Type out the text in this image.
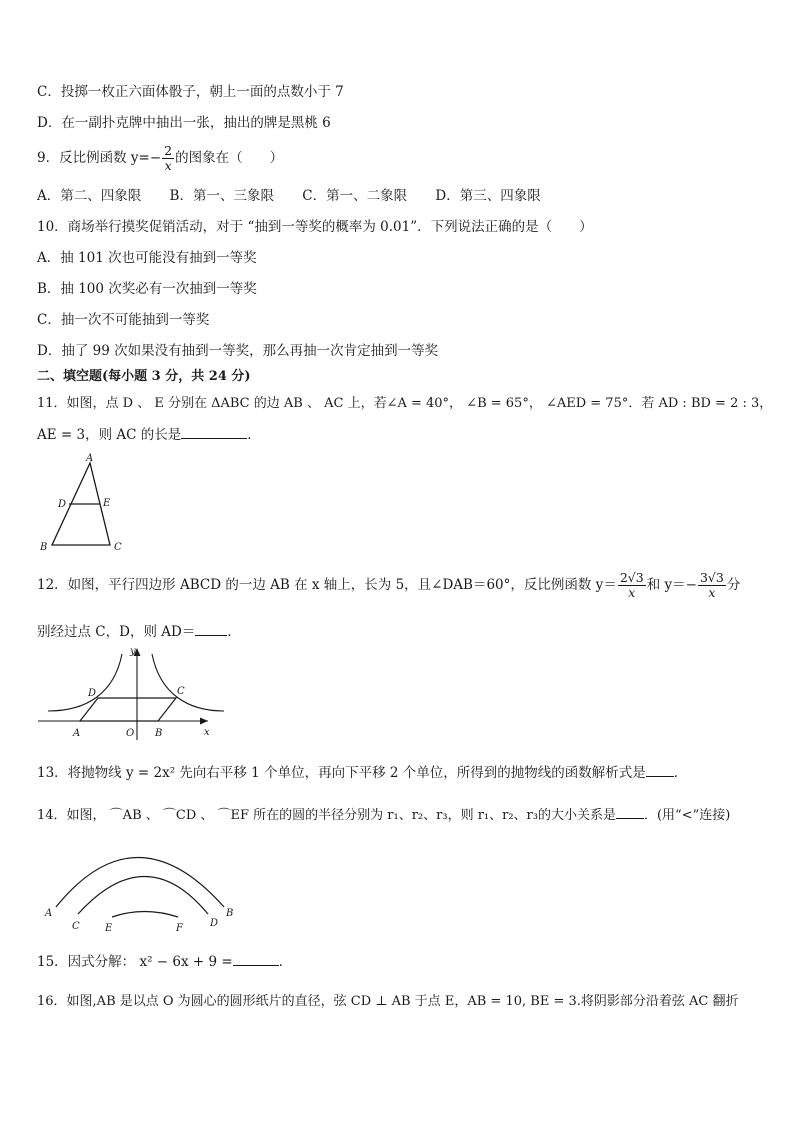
C．投掷一枚正六面体骰子，朝上一面的点数小于 7
D．在一副扑克牌中抽出一张，抽出的牌是黑桃 6
9．反比例函数 $y=- \frac{2}{x}$ 的图象在（　　）
A．第二、四象限 B．第一、三象限 C．第一、二象限 D．第三、四象限
10．商场举行摸奖促销活动，对于 “抽到一等奖的概率为 0.01”．下列说法正确的是（　　）
A．抽 101 次也可能没有抽到一等奖
B．抽 100 次奖必有一次抽到一等奖
C．抽一次不可能抽到一等奖
D．抽了 99 次如果没有抽到一等奖，那么再抽一次肯定抽到一等奖
二、填空题(每小题 3 分，共 24 分)
11．如图，点 D 、 E 分别在 ΔABC 的边 AB 、 AC 上，若∠A = 40°， ∠B = 65°， ∠AED = 75°．若 AD : BD = 2 : 3，
AE = 3，则 AC 的长是	．
A
D	E
B	C
12．如图，平行四边形 ABCD 的一边 AB 在 x 轴上，长为 5，且∠DAB＝60°，反比例函数 $y= \frac{2√3}{x}$ 和 $y=- \frac{3√3}{x}$ 分
别经过点 C，D，则 AD＝ ．
y
x
O
A	B
D	C
13．将抛物线 y = 2x² 先向右平移 1 个单位，再向下平移 2 个单位，所得到的抛物线的函数解析式是 ．
14．如图， ⌒AB 、 ⌒CD 、 ⌒EF 所在的圆的半径分别为 r₁、r₂、r₃，则 r₁、r₂、r₃的大小关系是 ．(用“<”连接)
A	B
C	D
E	F
15．因式分解： x² − 6x + 9 =	．
16．如图,AB 是以点 O 为圆心的圆形纸片的直径，弦 CD ⊥ AB 于点 E，AB = 10, BE = 3.将阴影部分沿着弦 AC 翻折
